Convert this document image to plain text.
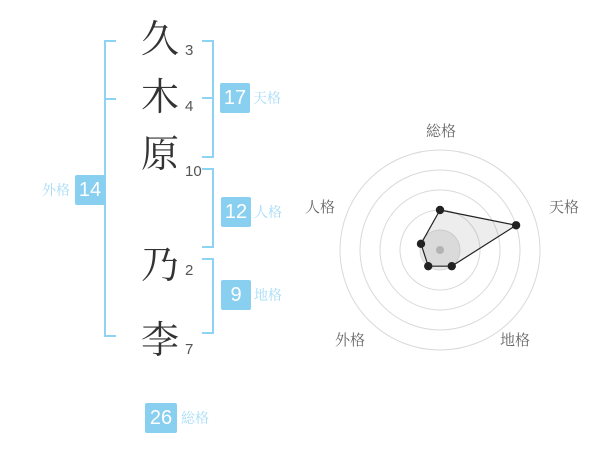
久
木
原
乃
李
3
4
10
2
7
17 天格
12 人格
9 地格
14
外格
26 総格
総格
天格
地格
外格
人格
